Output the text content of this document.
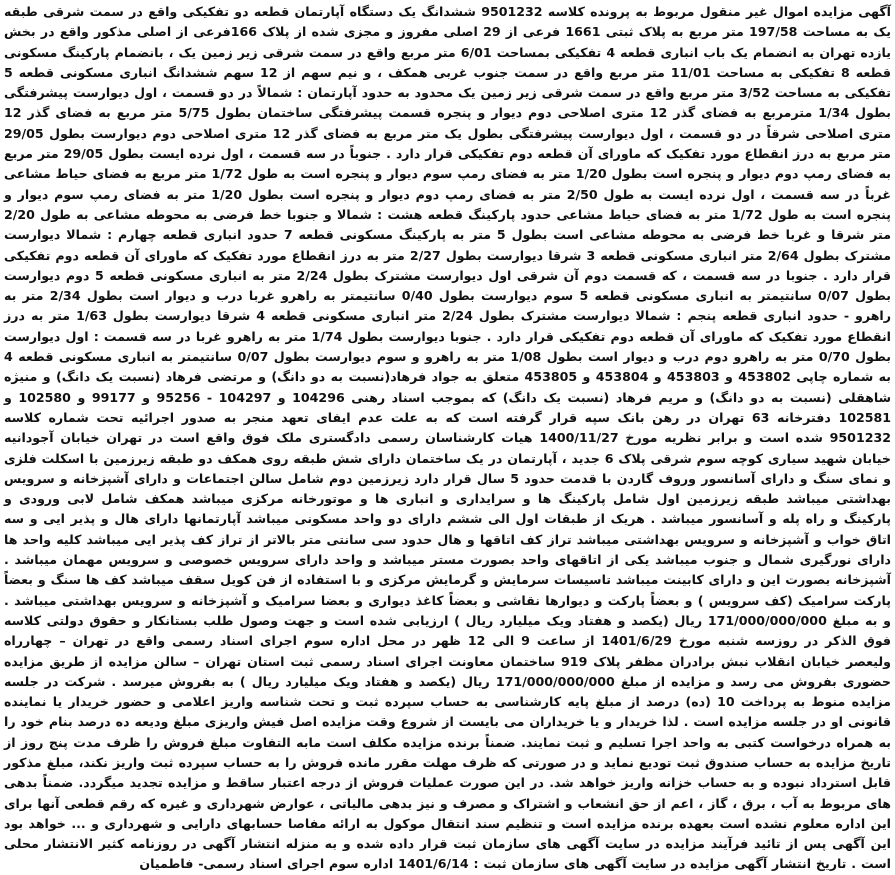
آگهی مزایده اموال غیر منقول مربوط به پرونده کلاسه 9501232 ششدانگ یک دستگاه آپارتمان قطعه دو تفکیکی واقع در سمت شرقی طبقه یک به مساحت 197/58 متر مربع به پلاک ثبتی 1661 فرعی از 29 اصلی مفروز و مجزی شده از پلاک 166فرعی از اصلی مذکور واقع در بخش یازده تهران به انضمام یک باب انباری قطعه 4 تفکیکی بمساحت 6/01 متر مربع واقع در سمت شرقی زیر زمین یک ، بانضمام پارکینگ مسکونی قطعه 8 تفکیکی به مساحت 11/01 متر مربع واقع در سمت جنوب غربی همکف ، و نیم سهم از 12 سهم ششدانگ انباری مسکونی قطعه 5 تفکیکی به مساحت 3/52 متر مربع واقع در سمت شرقی زیر زمین یک محدود به حدود آپارتمان : شمالاً در دو قسمت ، اول دیوارست پیشرفتگی بطول 1/34 مترمربع به فضای گذر 12 متری اصلاحی دوم دیوار و پنجره قسمت پیشرفتگی ساختمان بطول 5/75 متر مربع به فضای گذر 12 متری اصلاحی شرقاً در دو قسمت ، اول دیوارست پیشرفتگی بطول یک متر مربع به فضای گذر 12 متری اصلاحی دوم دیوارست بطول 29/05 متر مربع به درز انقطاع مورد تفکیک که ماورای آن قطعه دوم تفکیکی قرار دارد . جنوباً در سه قسمت ، اول نرده ایست بطول 29/05 متر مربع به فضای رمپ دوم دیوار و پنجره است بطول 1/20 متر به فضای رمپ سوم دیوار و پنجره است به طول 1/72 متر مربع به فضای حیاط مشاعی غرباً در سه قسمت ، اول نرده ایست به طول 2/50 متر به فضای رمپ دوم دیوار و پنجره است بطول 1/20 متر به فضای رمپ سوم دیوار و پنجره است به طول 1/72 متر به فضای حیاط مشاعی حدود پارکینگ قطعه هشت : شمالا و جنوبا خط فرضی به محوطه مشاعی به طول 2/20 متر شرقا و غربا خط فرضی به محوطه مشاعی است بطول 5 متر به پارکینگ مسکونی قطعه 7 حدود انباری قطعه چهارم : شمالا دیوارست مشترک بطول 2/64 متر انباری مسکونی قطعه 3 شرقا دیوارست بطول 2/27 متر به درز انقطاع مورد تفکیک که ماورای آن قطعه دوم تفکیکی قرار دارد . جنوبا در سه قسمت ، که قسمت دوم آن شرقی اول دیوارست مشترک بطول 2/24 متر به انباری مسکونی قطعه 5 دوم دیوارست بطول 0/07 سانتیمتر به انباری مسکونی قطعه 5 سوم دیوارست بطول 0/40 سانتیمتر به راهرو غربا درب و دیوار است بطول 2/34 متر به راهرو - حدود انباری قطعه پنجم : شمالا دیوارست مشترک بطول 2/24 متر انباری مسکونی قطعه 4 شرقا دیوارست بطول 1/63 متر به درز انقطاع مورد تفکیک که ماورای آن قطعه دوم تفکیکی قرار دارد . جنوبا دیوارست بطول 1/74 متر به راهرو غربا در سه قسمت : اول دیوارست بطول 0/70 متر به راهرو دوم درب و دیوار است بطول 1/08 متر به راهرو و سوم دیوارست بطول 0/07 سانتیمتر به انباری مسکونی قطعه 4 به شماره چاپی 453802 و 453803 و 453804 و 453805 متعلق به جواد فرهاد(نسبت به دو دانگ) و مرتضی فرهاد (نسبت یک دانگ) و منیژه شاهقلی (نسبت به دو دانگ) و مریم فرهاد (نسبت یک دانگ) که بموجب اسناد رهنی 104296 و 104297 - 95256 و 99177 و 102580 و 102581 دفترخانه 63 تهران در رهن بانک سپه قرار گرفته است که به علت عدم ایفای تعهد منجر به صدور اجرائیه تحت شماره کلاسه 9501232 شده است و برابر نظریه مورخ 1400/11/27 هیات کارشناسان رسمی دادگستری ملک فوق واقع است در تهران خیابان آجودانیه خیابان شهید سیاری کوچه سوم شرقی پلاک 6 جدید ، آپارتمان در یک ساختمان دارای شش طبقه روی همکف دو طبقه زیرزمین با اسکلت فلزی و نمای سنگ و دارای آسانسور وروف گاردن با قدمت حدود 5 سال قرار دارد زیرزمین دوم شامل سالن اجتماعات و دارای آشپزخانه و سرویس بهداشتی میباشد طبقه زیرزمین اول شامل پارکینگ ها و سرایداری و انباری ها و موتورخانه مرکزی میباشد همکف شامل لابی ورودی و پارکینگ و راه پله و آسانسور میباشد . هریک از طبقات اول الی ششم دارای دو واحد مسکونی میباشد آپارتمانها دارای هال و پذیر ایی و سه اتاق خواب و آشپزخانه و سرویس بهداشتی میباشد تراز کف اتاقها و هال حدود سی سانتی متر بالاتر از تراز کف پذیر ایی میباشد کلیه واحد ها دارای نورگیری شمال و جنوب میباشد یکی از اتاقهای واحد بصورت مستر میباشد و واحد دارای سرویس خصوصی و سرویس مهمان میباشد . آشپزخانه بصورت این و دارای کابینت میباشد تاسیسات سرمایش و گرمایش مرکزی و با استفاده از فن کویل سقف میباشد کف ها سنگ و بعضاً پارکت سرامیک (کف سرویس ) و بعضاً پارکت و دیوارها نقاشی و بعضاً کاغذ دیواری و بعضا سرامیک و آشپزخانه و سرویس بهداشتی میباشد . و به مبلغ 171/000/000/000 ریال (یکصد و هفتاد ویک میلیارد ریال ) ارزیابی شده است و جهت وصول طلب بستانکار و حقوق دولتی کلاسه فوق الذکر در روزسه شنبه مورخ 1401/6/29 از ساعت 9 الی 12 ظهر در محل اداره سوم اجرای اسناد رسمی واقع در تهران – چهارراه ولیعصر خیابان انقلاب نبش برادران مظفر پلاک 919 ساختمان معاونت اجرای اسناد رسمی ثبت استان تهران – سالن مزایده از طریق مزایده حضوری بفروش می رسد و مزایده از مبلغ 171/000/000/000 ریال (یکصد و هفتاد ویک میلیارد ریال ) به بفروش میرسد . شرکت در جلسه مزایده منوط به پرداخت 10 (ده) درصد از مبلغ پایه کارشناسی به حساب سپرده ثبت و تحت شناسه واریز اعلامی و حضور خریدار یا نماینده قانونی او در جلسه مزایده است . لذا خریدار و یا خریداران می بایست از شروع وقت مزایده اصل فیش واریزی مبلغ ودیعه ده درصد بنام خود را به همراه درخواست کتبی به واحد اجرا تسلیم و ثبت نمایند. ضمناً برنده مزایده مکلف است مابه التفاوت مبلغ فروش را ظرف مدت پنج روز از تاریخ مزایده به حساب صندوق ثبت تودیع نماید و در صورتی که ظرف مهلت مقرر مانده فروش را به حساب سپرده ثبت واریز نکند، مبلغ مذکور قابل استرداد نبوده و به حساب خزانه واریز خواهد شد. در این صورت عملیات فروش از درجه اعتبار ساقط و مزایده تجدید میگردد. ضمناً بدهی های مربوط به آب ، برق ، گاز ، اعم از حق انشعاب و اشتراک و مصرف و نیز بدهی مالیاتی ، عوارض شهرداری و غیره که رقم قطعی آنها برای این اداره معلوم نشده است بعهده برنده مزایده است و تنظیم سند انتقال موکول به ارائه مفاصا حسابهای دارایی و شهرداری و ... خواهد بود این آگهی پس از تائید فرآیند مزایده در سایت آگهی های سازمان ثبت قرار داده شده و به منزله انتشار آگهی در روزنامه کثیر الانتشار محلی است . تاریخ انتشار آگهی مزایده در سایت آگهی های سازمان ثبت : 1401/6/14 اداره سوم اجرای اسناد رسمی- فاطمیان
